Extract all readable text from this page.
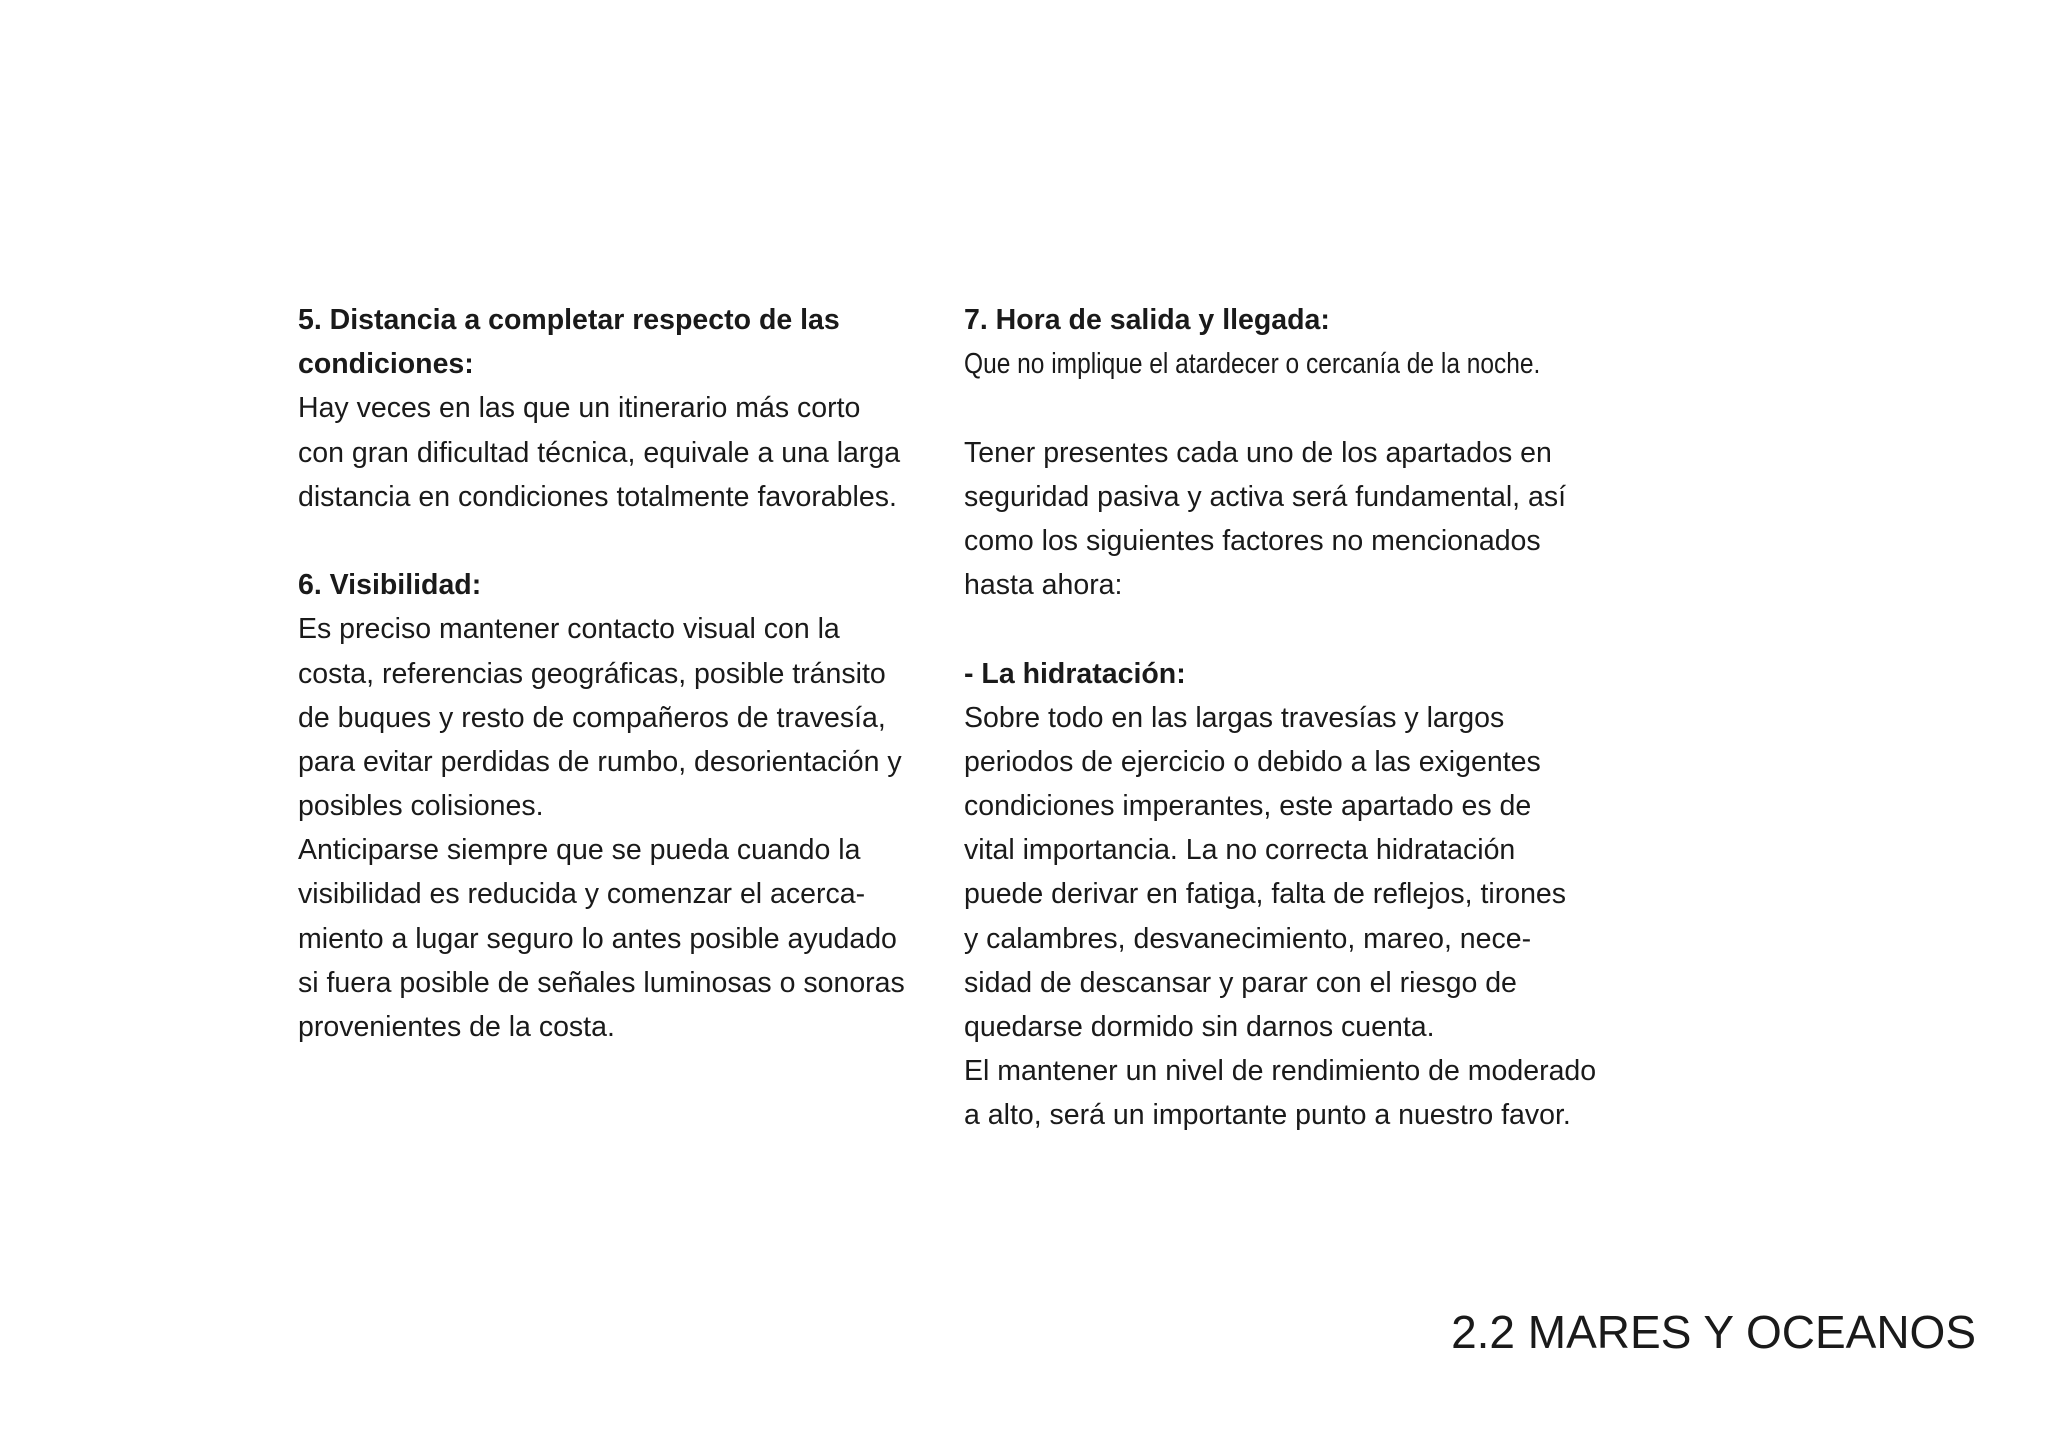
5. Distancia a completar respecto de las
condiciones:
Hay veces en las que un itinerario más corto
con gran dificultad técnica, equivale a una larga
distancia en condiciones totalmente favorables.
6. Visibilidad:
Es preciso mantener contacto visual con la
costa, referencias geográficas, posible tránsito
de buques y resto de compañeros de travesía,
para evitar perdidas de rumbo, desorientación y
posibles colisiones.
Anticiparse siempre que se pueda cuando la
visibilidad es reducida y comenzar el acerca-
miento a lugar seguro lo antes posible ayudado
si fuera posible de señales luminosas o sonoras
provenientes de la costa.
7. Hora de salida y llegada:
Que no implique el atardecer o cercanía de la noche.
Tener presentes cada uno de los apartados en
seguridad pasiva y activa será fundamental, así
como los siguientes factores no mencionados
hasta ahora:
- La hidratación:
Sobre todo en las largas travesías y largos
periodos de ejercicio o debido a las exigentes
condiciones imperantes, este apartado es de
vital importancia. La no correcta hidratación
puede derivar en fatiga, falta de reflejos, tirones
y calambres, desvanecimiento, mareo, nece-
sidad de descansar y parar con el riesgo de
quedarse dormido sin darnos cuenta.
El mantener un nivel de rendimiento de moderado
a alto, será un importante punto a nuestro favor.
2.2 MARES Y OCEANOS
